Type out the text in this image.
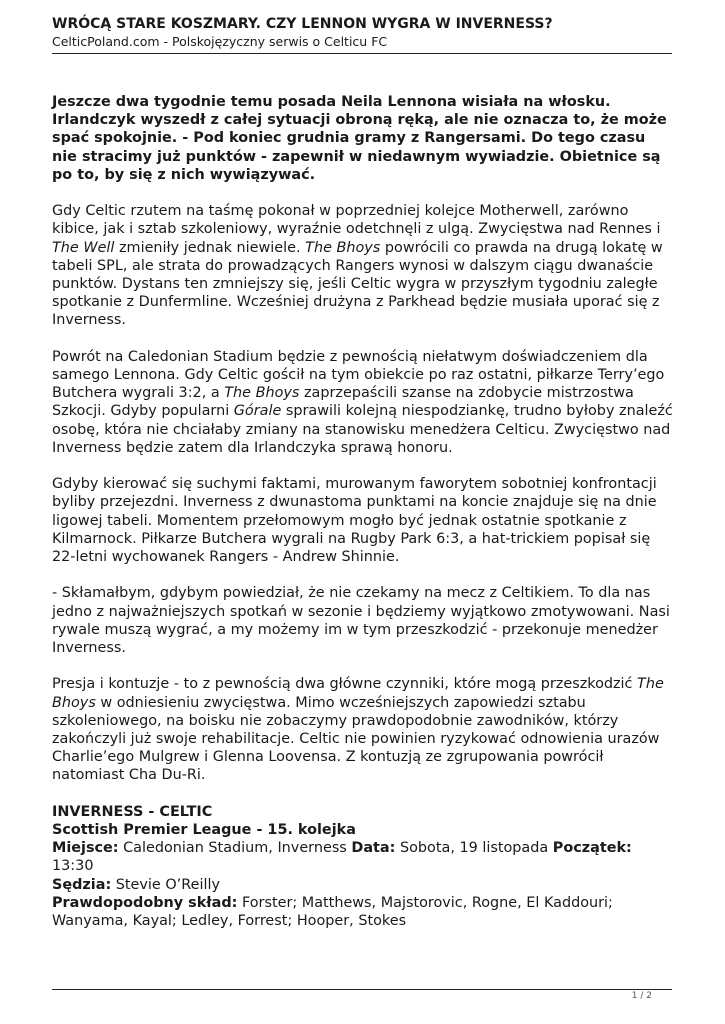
WRÓCĄ STARE KOSZMARY. CZY LENNON WYGRA W INVERNESS?

CelticPoland.com - Polskojęzyczny serwis o Celticu FC

Jeszcze dwa tygodnie temu posada Neila Lennona wisiała na włosku. Irlandczyk wyszedł z całej sytuacji obroną ręką, ale nie oznacza to, że może spać spokojnie. - Pod koniec grudnia gramy z Rangersami. Do tego czasu nie stracimy już punktów - zapewnił w niedawnym wywiadzie. Obietnice są po to, by się z nich wywiązywać.

Gdy Celtic rzutem na taśmę pokonał w poprzedniej kolejce Motherwell, zarówno kibice, jak i sztab szkoleniowy, wyraźnie odetchnęli z ulgą. Zwycięstwa nad Rennes i The Well zmieniły jednak niewiele. The Bhoys powrócili co prawda na drugą lokatę w tabeli SPL, ale strata do prowadzących Rangers wynosi w dalszym ciągu dwanaście punktów. Dystans ten zmniejszy się, jeśli Celtic wygra w przyszłym tygodniu zaległe spotkanie z Dunfermline. Wcześniej drużyna z Parkhead będzie musiała uporać się z Inverness.

Powrót na Caledonian Stadium będzie z pewnością niełatwym doświadczeniem dla samego Lennona. Gdy Celtic gościł na tym obiekcie po raz ostatni, piłkarze Terry’ego Butchera wygrali 3:2, a The Bhoys zaprzepaścili szanse na zdobycie mistrzostwa Szkocji. Gdyby popularni Górale sprawili kolejną niespodziankę, trudno byłoby znaleźć osobę, która nie chciałaby zmiany na stanowisku menedżera Celticu. Zwycięstwo nad Inverness będzie zatem dla Irlandczyka sprawą honoru.

Gdyby kierować się suchymi faktami, murowanym faworytem sobotniej konfrontacji byliby przejezdni. Inverness z dwunastoma punktami na koncie znajduje się na dnie ligowej tabeli. Momentem przełomowym mogło być jednak ostatnie spotkanie z Kilmarnock. Piłkarze Butchera wygrali na Rugby Park 6:3, a hat-trickiem popisał się 22-letni wychowanek Rangers - Andrew Shinnie.

- Skłamałbym, gdybym powiedział, że nie czekamy na mecz z Celtikiem. To dla nas jedno z najważniejszych spotkań w sezonie i będziemy wyjątkowo zmotywowani. Nasi rywale muszą wygrać, a my możemy im w tym przeszkodzić - przekonuje menedżer Inverness.

Presja i kontuzje - to z pewnością dwa główne czynniki, które mogą przeszkodzić The Bhoys w odniesieniu zwycięstwa. Mimo wcześniejszych zapowiedzi sztabu szkoleniowego, na boisku nie zobaczymy prawdopodobnie zawodników, którzy zakończyli już swoje rehabilitacje. Celtic nie powinien ryzykować odnowienia urazów Charlie’ego Mulgrew i Glenna Loovensa. Z kontuzją ze zgrupowania powrócił natomiast Cha Du-Ri.

INVERNESS - CELTIC

Scottish Premier League - 15. kolejka

Miejsce: Caledonian Stadium, Inverness Data: Sobota, 19 listopada Początek: 13:30

Sędzia: Stevie O’Reilly

Prawdopodobny skład: Forster; Matthews, Majstorovic, Rogne, El Kaddouri; Wanyama, Kayal; Ledley, Forrest; Hooper, Stokes

1 / 2
